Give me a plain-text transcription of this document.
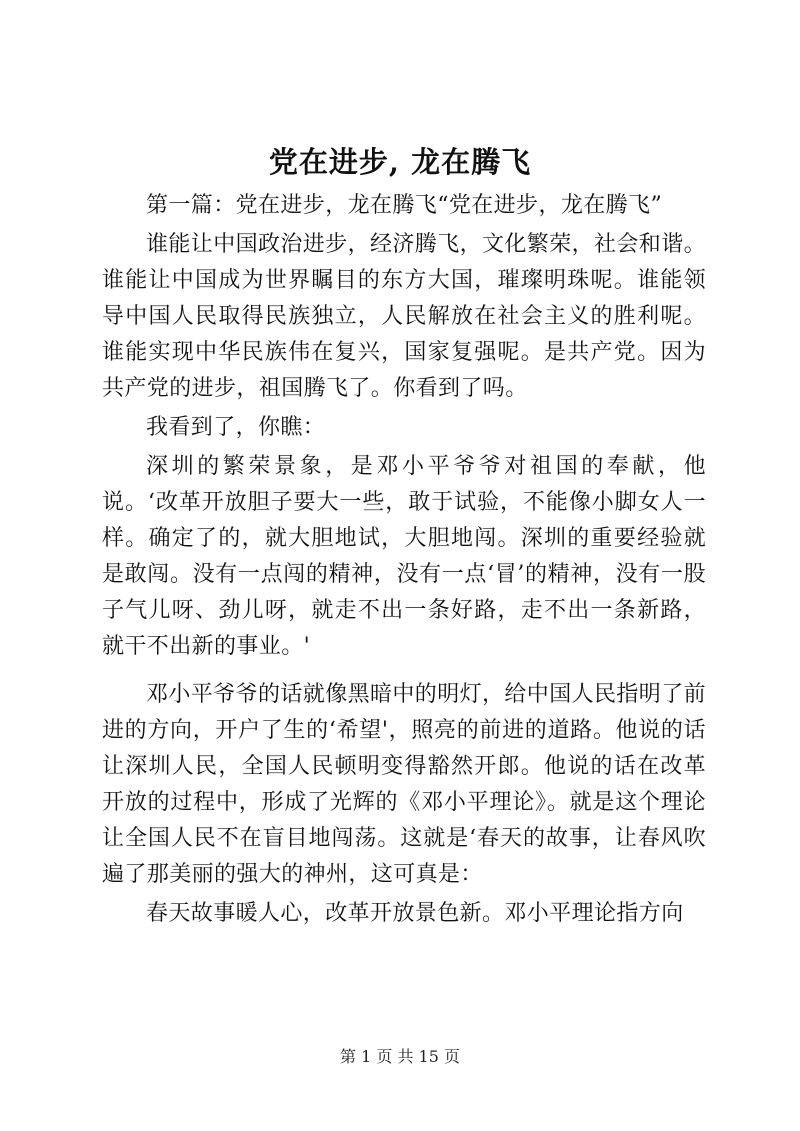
党在进步, 龙在腾飞

第一篇：党在进步，龙在腾飞“党在进步，龙在腾飞”

谁能让中国政治进步，经济腾飞，文化繁荣，社会和谐。谁能让中国成为世界瞩目的东方大国，璀璨明珠呢。谁能领导中国人民取得民族独立，人民解放在社会主义的胜利呢。谁能实现中华民族伟在复兴，国家复强呢。是共产党。因为共产党的进步，祖国腾飞了。你看到了吗。

我看到了，你瞧：

深圳的繁荣景象，是邓小平爷爷对祖国的奉献，他说。‘改革开放胆子要大一些，敢于试验，不能像小脚女人一样。确定了的，就大胆地试，大胆地闯。深圳的重要经验就是敢闯。没有一点闯的精神，没有一点‘冒’的精神，没有一股子气儿呀、劲儿呀，就走不出一条好路，走不出一条新路，就干不出新的事业。'

邓小平爷爷的话就像黑暗中的明灯，给中国人民指明了前进的方向，开户了生的‘希望'，照亮的前进的道路。他说的话让深圳人民，全国人民顿明变得豁然开郎。他说的话在改革开放的过程中，形成了光辉的《邓小平理论》。就是这个理论让全国人民不在盲目地闯荡。这就是‘春天的故事，让春风吹遍了那美丽的强大的神州，这可真是：

春天故事暖人心，改革开放景色新。邓小平理论指方向

第 1 页 共 15 页
